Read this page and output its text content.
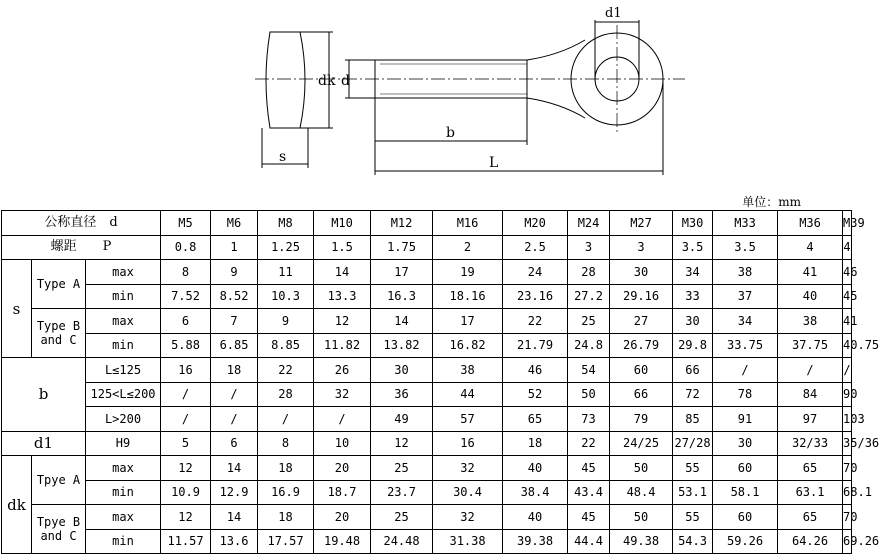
d1
dk d
b
L
s
单位：mm
公称直径　d			M5	M6	M8	M10	M12	M16	M20	M24	M27	M30	M33	M36	M39
螺距　　P			0.8	1	1.25	1.5	1.75	2	2.5	3	3	3.5	3.5	4	4
s	Type A	max	8	9	11	14	17	19	24	28	30	34	38	41	46
		min	7.52	8.52	10.3	13.3	16.3	18.16	23.16	27.2	29.16	33	37	40	45
	Type B and C	max	6	7	9	12	14	17	22	25	27	30	34	38	41
		min	5.88	6.85	8.85	11.82	13.82	16.82	21.79	24.8	26.79	29.8	33.75	37.75	40.75
b		L≤125	16	18	22	26	30	38	46	54	60	66	/	/	/
		125<L≤200	/	/	28	32	36	44	52	50	66	72	78	84	90
		L>200	/	/	/	/	49	57	65	73	79	85	91	97	103
d1		H9	5	6	8	10	12	16	18	22	24/25	27/28	30	32/33	35/36
dk	Tpye A	max	12	14	18	20	25	32	40	45	50	55	60	65	70
		min	10.9	12.9	16.9	18.7	23.7	30.4	38.4	43.4	48.4	53.1	58.1	63.1	68.1
	Tpye B and C	max	12	14	18	20	25	32	40	45	50	55	60	65	70
		min	11.57	13.6	17.57	19.48	24.48	31.38	39.38	44.4	49.38	54.3	59.26	64.26	69.26
